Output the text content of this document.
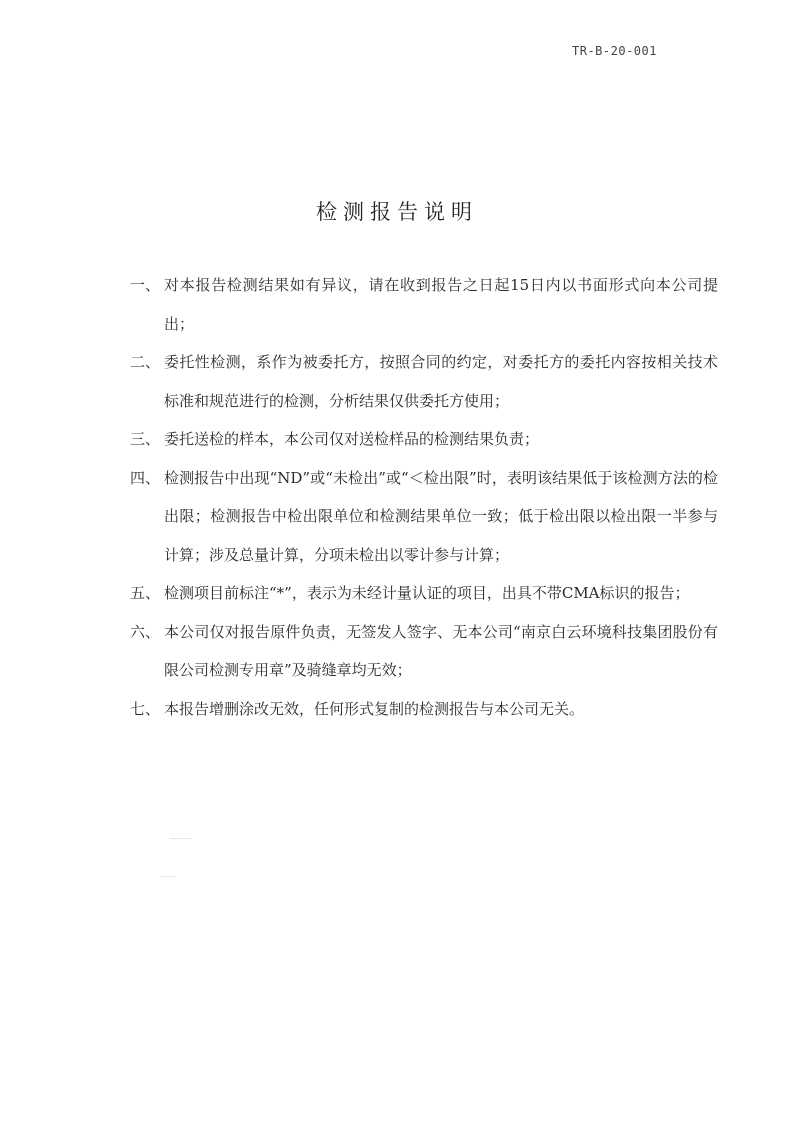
TR-B-20-001
检测报告说明
一、 对本报告检测结果如有异议，请在收到报告之日起15日内以书面形式向本公司提出；
二、 委托性检测，系作为被委托方，按照合同的约定，对委托方的委托内容按相关技术标准和规范进行的检测，分析结果仅供委托方使用；
三、 委托送检的样本，本公司仅对送检样品的检测结果负责；
四、 检测报告中出现“ND”或“未检出”或“＜检出限”时，表明该结果低于该检测方法的检出限；检测报告中检出限单位和检测结果单位一致；低于检出限以检出限一半参与计算；涉及总量计算，分项未检出以零计参与计算；
五、 检测项目前标注“*”，表示为未经计量认证的项目，出具不带CMA标识的报告；
六、 本公司仅对报告原件负责，无签发人签字、无本公司“南京白云环境科技集团股份有限公司检测专用章”及骑缝章均无效；
七、 本报告增删涂改无效，任何形式复制的检测报告与本公司无关。
